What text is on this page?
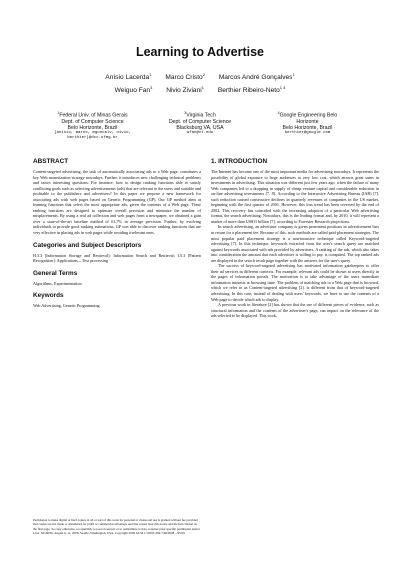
Learning to Advertise
Anísio Lacerda$^1$ Marco Cristo$^2$ Marcos André Gonçalves$^1$
Weiguo Fan$^3$ Nivio Ziviani$^1$ Berthier Ribeiro-Neto$^{1 4}$
$^1$Federal Univ. of Minas Gerais
Dept. of Computer Science
Belo Horizonte, Brazil
$^3$Virginia Tech
Dept. of Computer Science
Blacksburg VA, USA
$^4$Google Engineering Belo
Horizonte
Belo Horizonte, Brazil
{anisio, marco, mgoncalv, nivio,
berthier}@dcc.ufmg.br
wfan@vt.edu	berthier@google.com
ABSTRACT

Content-targeted advertising, the task of automatically associating ads to a Web page, constitutes a key Web monetization strategy nowadays. Further, it introduces new challenging technical problems and raises interesting questions. For instance, how to design ranking functions able to satisfy conflicting goals such as selecting advertisements (ads) that are relevant to the users and suitable and profitable to the publishers and advertisers? In this paper we propose a new framework for associating ads with web pages based on Genetic Programming (GP). Our GP method aims at learning functions that select the most appropriate ads, given the contents of a Web page. These ranking functions are designed to optimize overall precision and minimize the number of misplacements. By using a real ad collection and web pages from a newspaper, we obtained a gain over a state-of-the-art baseline method of 61.7% in average precision. Further, by evolving individuals to provide good ranking estimations, GP was able to discover ranking functions that are very effective in placing ads in web pages while avoiding irrelevant ones.

Categories and Subject Descriptors

H.3.3 [Information Storage and Retrieval]: Information Search and Retrieval; I.5.3 [Pattern Recognition]: Applications—Text processing

General Terms

Algorithms, Experimentation

Keywords

Web Advertising, Genetic Programming

Permission to make digital or hard copies of all or part of this work for personal or classroom use is granted without fee provided that copies are not made or distributed for profit or commercial advantage and that copies bear this notice and the full citation on the first page. To copy otherwise, to republish, to post on servers or to redistribute to lists, requires prior specific permission and/or a fee. SIGIR'06, August 6–11, 2006, Seattle, Washington, USA. Copyright 2006 ACM 1-59593-369-7/06/0008 ...$5.00.
1. INTRODUCTION

The Internet has become one of the most important media for advertising nowadays. It represents the possibility of global exposure to large audiences at very low cost, which attracts great sums in investments in advertising. This situation was different just few years ago, when the failure of many Web companies led to a dropping in supply of cheap venture capital and considerable reduction in on-line advertising investments [7, 8]. According to the Interactive Advertising Bureau (IAB) [7], such reduction caused consecutive declines in quarterly revenues of companies in the US market, beginning with the first quarter of 2001. However, this loss trend has been reversed by the end of 2002. This recovery has coincided with the increasing adoption of a particular Web advertising format, the search advertising. Nowadays, this is the leading format and, by 2010, it will represent a market of more than US$11 billion [7], according to Forrester Research projections.

In search advertising, an advertiser company is given prominent positions in advertisement lists in return for a placement fee. Because of this, such methods are called paid placement strategies. The most popular paid placement strategy is a non-intrusive technique called Keyword-targeted advertising [7]. In this technique, keywords extracted from the user's search query are matched against keywords associated with ads provided by advertisers. A ranking of the ads, which also takes into consideration the amount that each advertiser is willing to pay, is computed. The top ranked ads are displayed in the search result page together with the answers for the user's query.

The success of keyword-targeted advertising has motivated information gatekeepers to offer their ad services in different contexts. For example, relevant ads could be shown to users directly in the pages of information portals. The motivation is to take advantage of the users immediate information interests at browsing time. The problem of matching ads to a Web page that is browsed, which we refer to as Content-targeted advertising [2], is different from that of keyword-targeted advertising. In this case, instead of dealing with users' keywords, we have to use the contents of a Web page to decide which ads to display.

A previous work in literature [2] has shown that the use of different pieces of evidence, such as structural information and the contents of the advertiser's page, can impact on the relevance of the ads selected to be displayed. This work,
